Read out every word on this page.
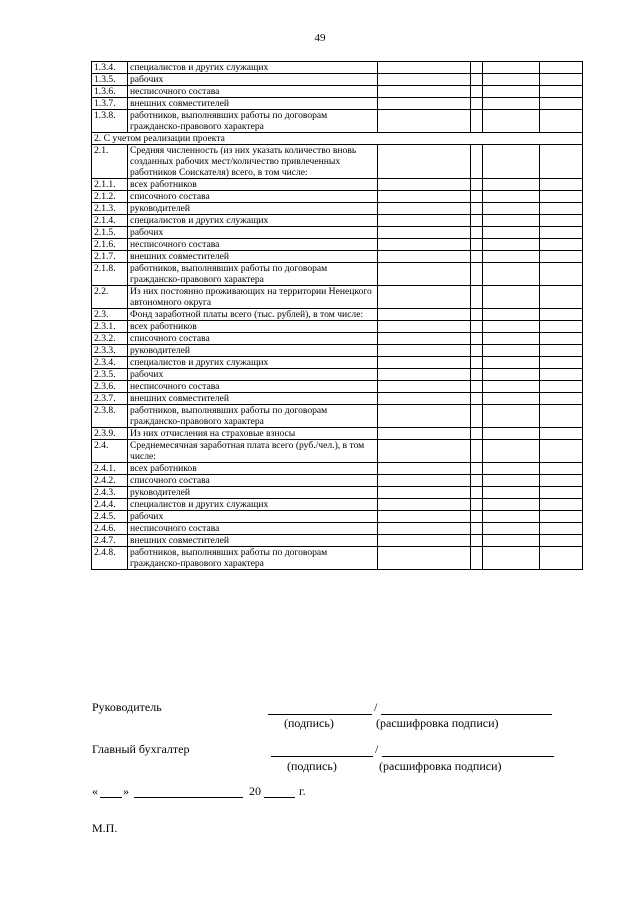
49
1.3.4.	специалистов и других служащих				
1.3.5.	рабочих				
1.3.6.	несписочного состава				
1.3.7.	внешних совместителей				
1.3.8.	работников, выполнявших работы по договорам гражданско-правового характера				
2. С учетом реализации проекта					
2.1.	Средняя численность (из них указать количество вновь созданных рабочих мест/количество привлеченных работников Соискателя) всего, в том числе:				
2.1.1.	всех работников				
2.1.2.	списочного состава				
2.1.3.	руководителей				
2.1.4.	специалистов и других служащих				
2.1.5.	рабочих				
2.1.6.	несписочного состава				
2.1.7.	внешних совместителей				
2.1.8.	работников, выполнявших работы по договорам гражданско-правового характера				
2.2.	Из них постоянно проживающих на территории Ненецкого автономного округа				
2.3.	Фонд заработной платы всего (тыс. рублей), в том числе:				
2.3.1.	всех работников				
2.3.2.	списочного состава				
2.3.3.	руководителей				
2.3.4.	специалистов и других служащих				
2.3.5.	рабочих				
2.3.6.	несписочного состава				
2.3.7.	внешних совместителей				
2.3.8.	работников, выполнявших работы по договорам гражданско-правового характера				
2.3.9.	Из них отчисления на страховые взносы				
2.4.	Среднемесячная заработная плата всего (руб./чел.), в том числе:				
2.4.1.	всех работников				
2.4.2.	списочного состава				
2.4.3.	руководителей				
2.4.4.	специалистов и других служащих				
2.4.5.	рабочих				
2.4.6.	несписочного состава				
2.4.7.	внешних совместителей				
2.4.8.	работников, выполнявших работы по договорам гражданско-правового характера				
Руководитель	/
(подпись)	(расшифровка подписи)
Главный бухгалтер	/
(подпись)	(расшифровка подписи)
« »	20	г.
М.П.
